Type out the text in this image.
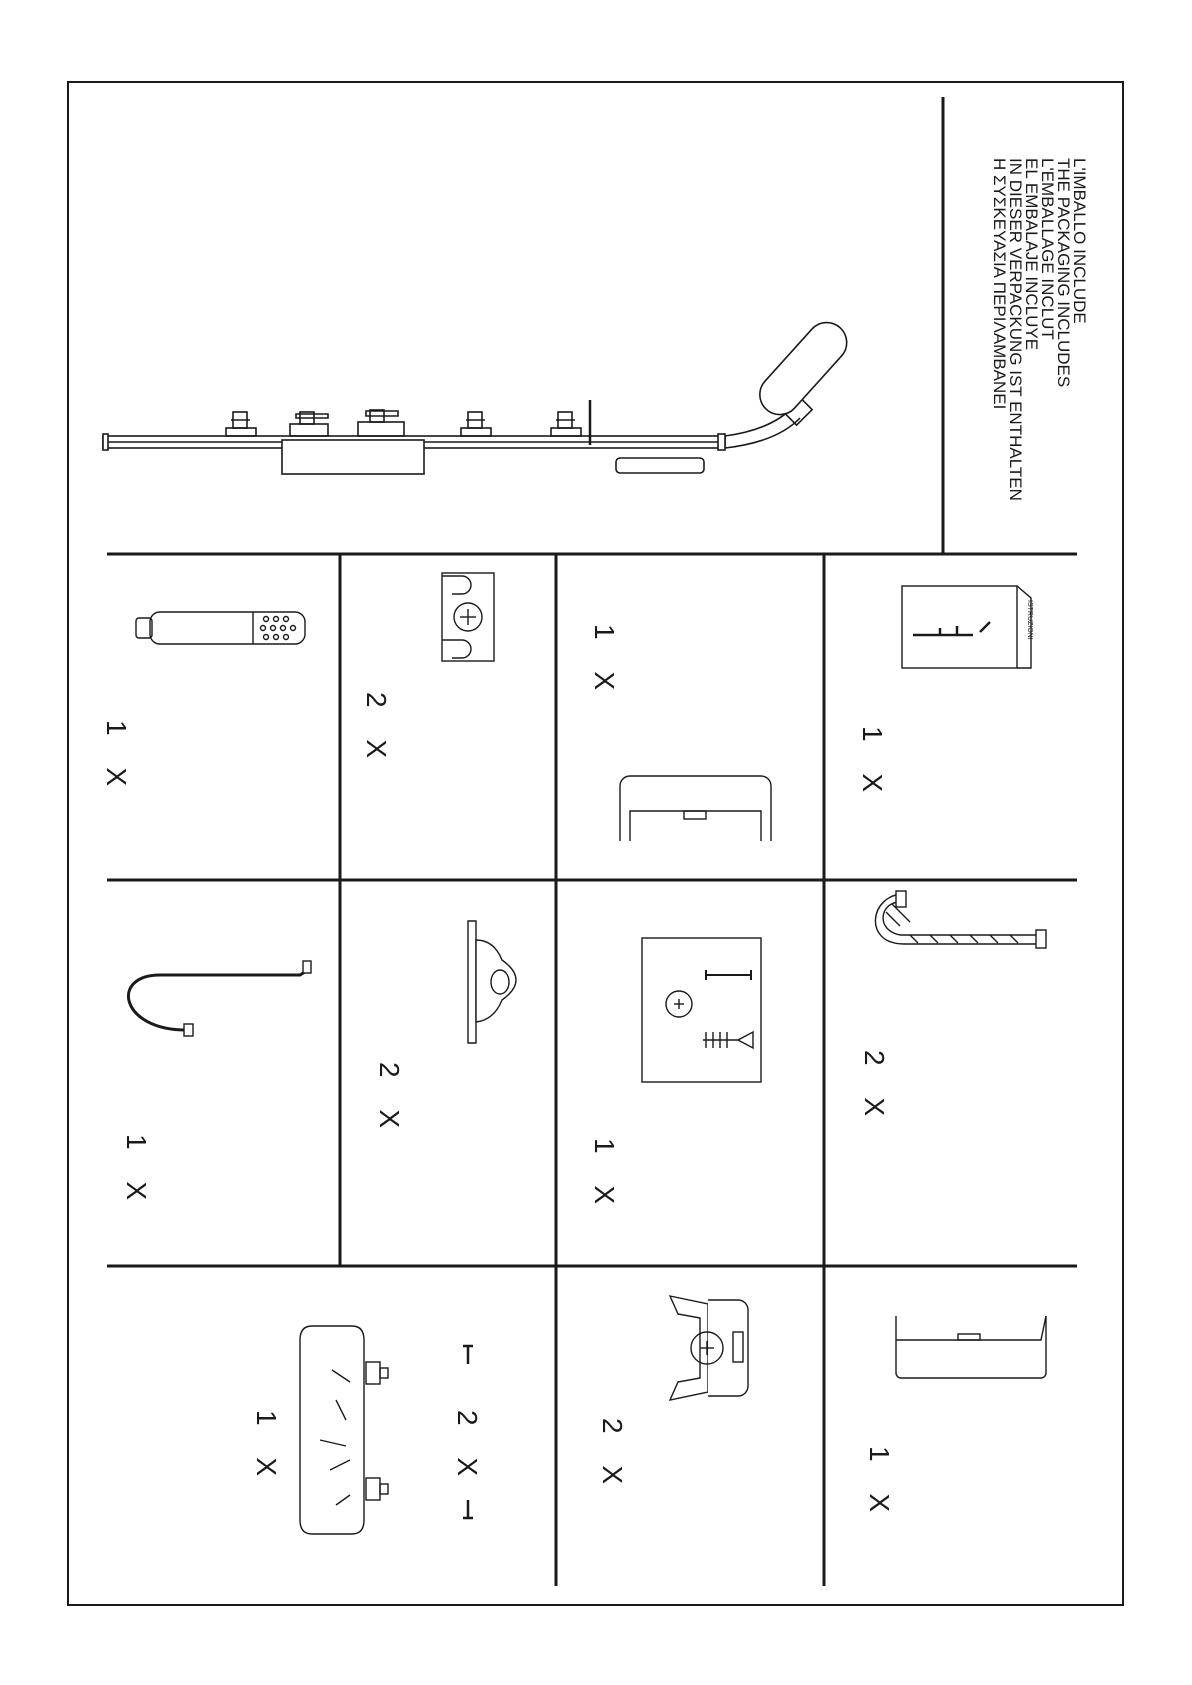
L'IMBALLO INCLUDE
THE PACKAGING INCLUDES
L'EMBALLAGE INCLUT
EL EMBALAJE INCLUYE
IN DIESER VERPACKUNG IST ENTHALTEN
Η ΣΥΣΚΕΥΑΣΙΑ ΠΕΡΙΛΑΜΒΑΝΕΙ
1 X	2 X
1 X
1 X
1 X
2 X
1 X
2 X
1 X	2 X	2 X	1 X
ISTRUZIONI
